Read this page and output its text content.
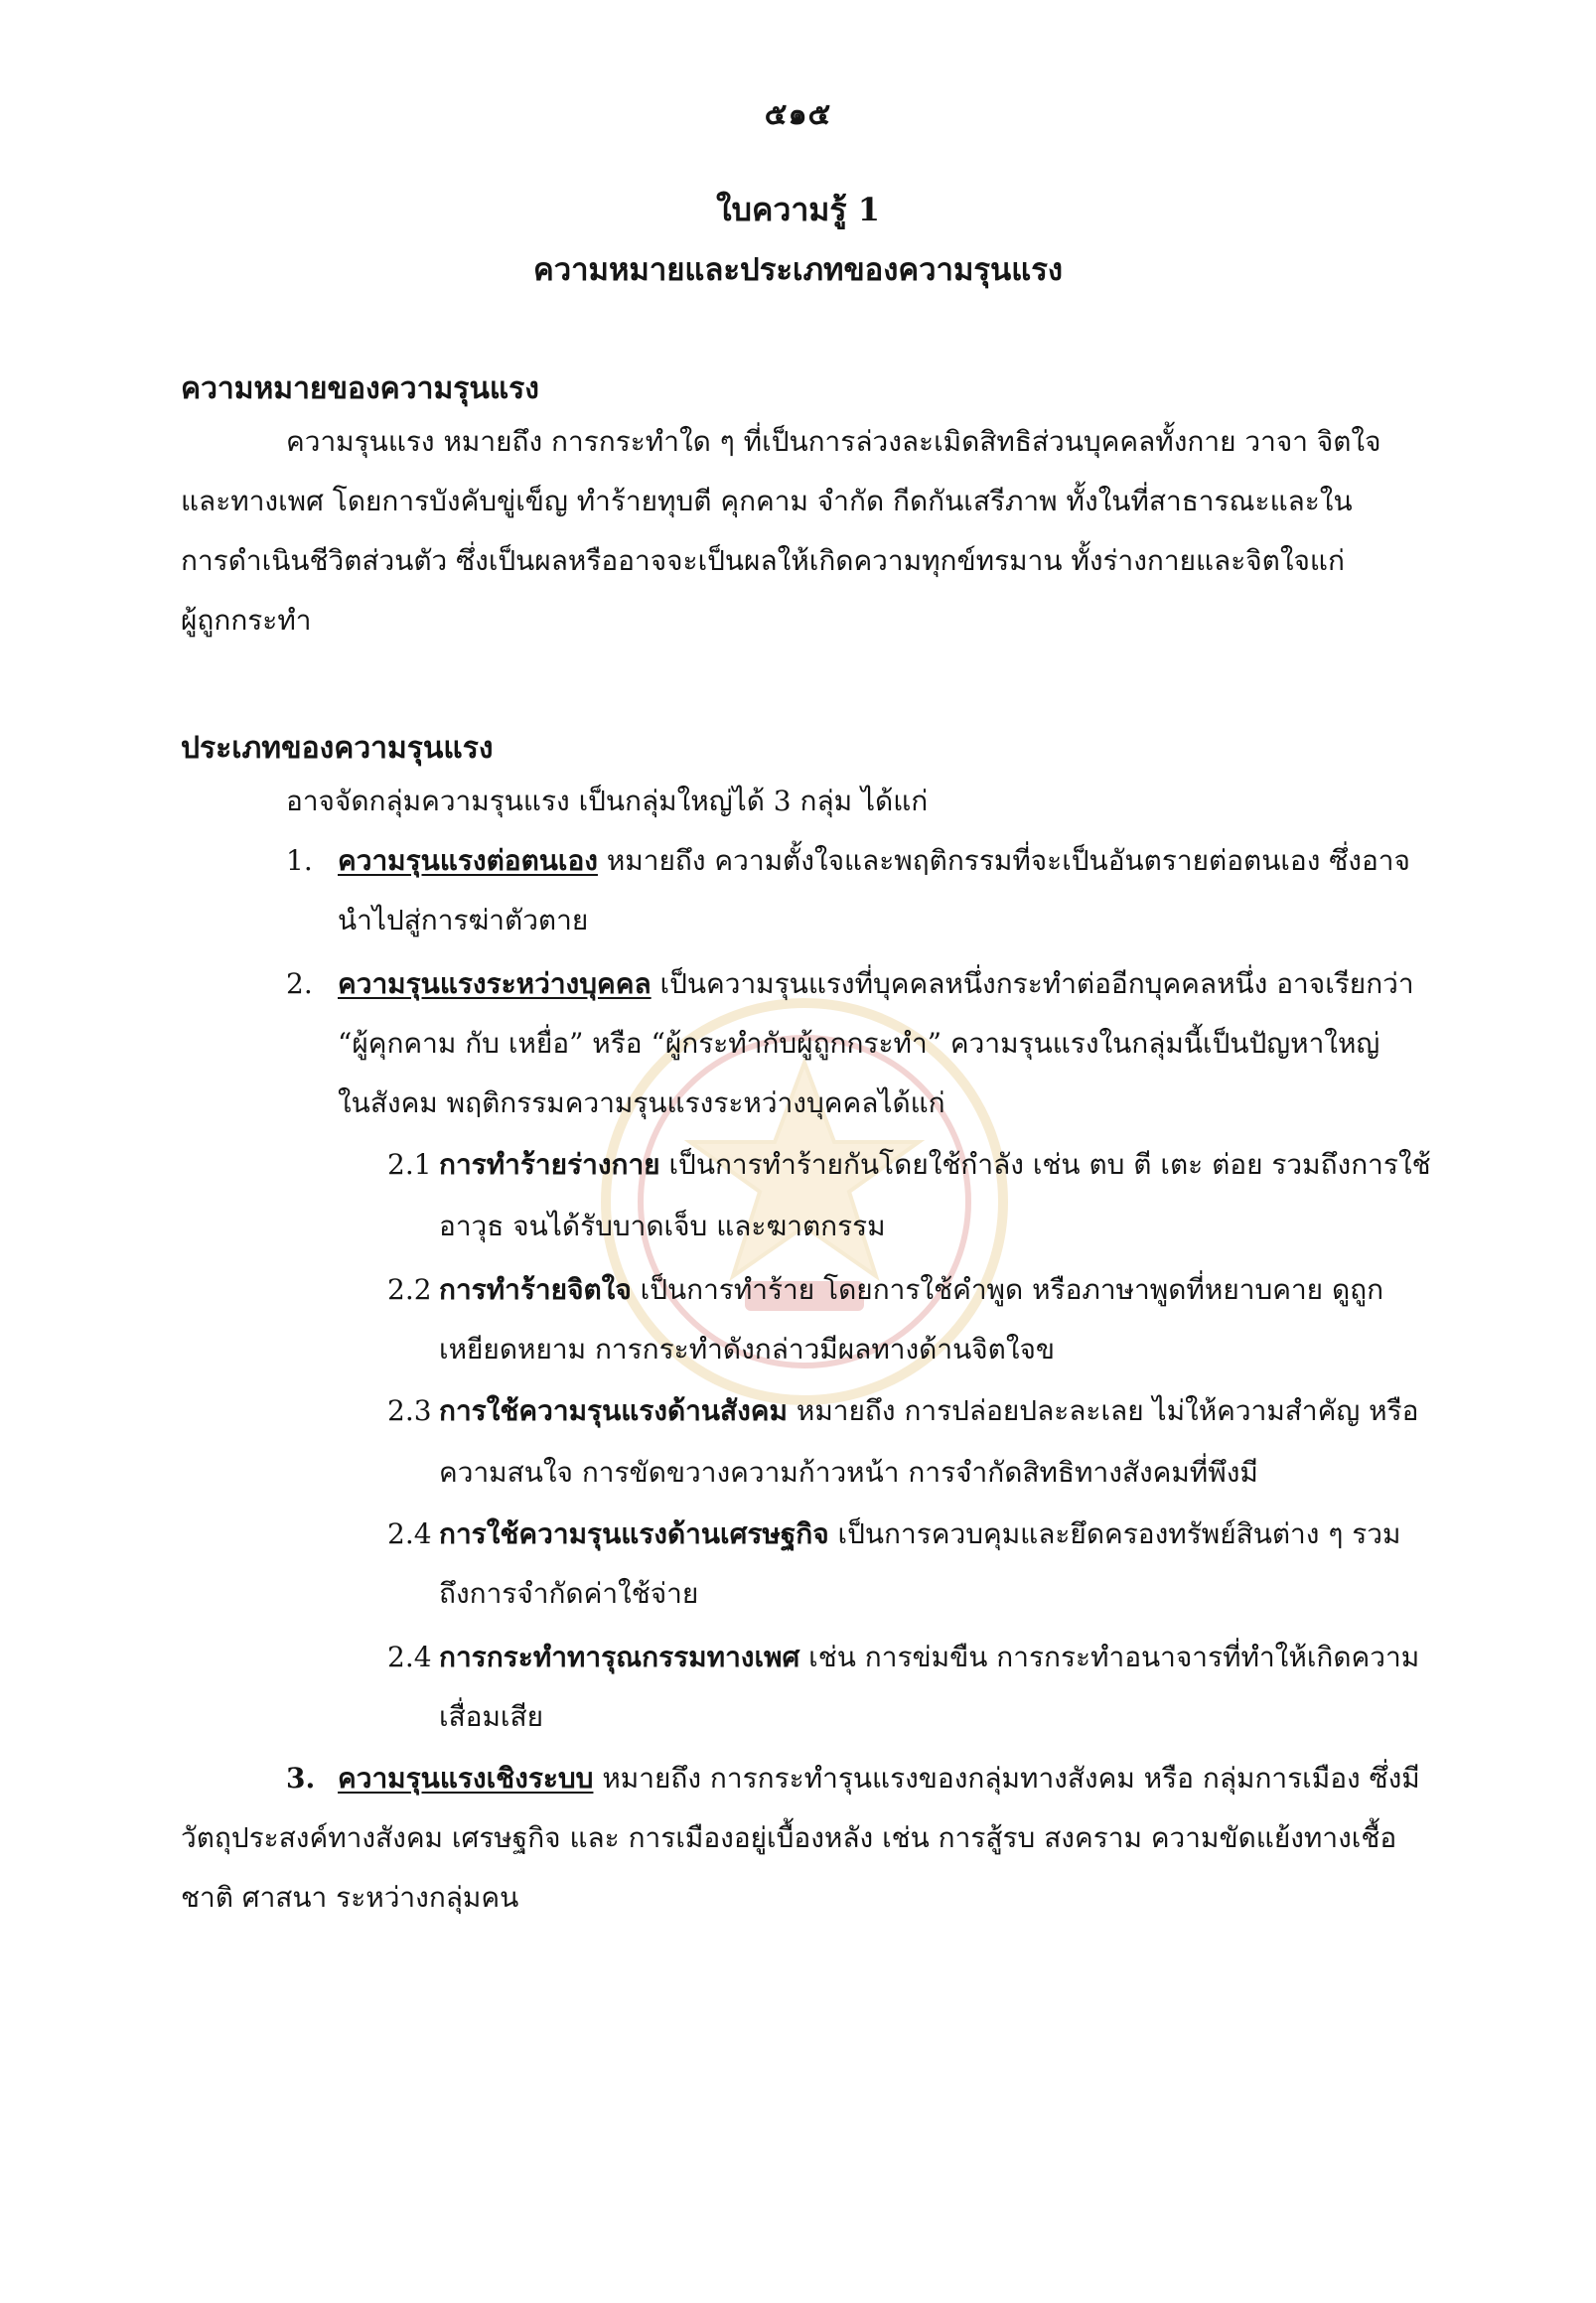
๕๑๕
ใบความรู้ 1
ความหมายและประเภทของความรุนแรง
ความหมายของความรุนแรง
ความรุนแรง หมายถึง การกระทำใด ๆ ที่เป็นการล่วงละเมิดสิทธิส่วนบุคคลทั้งกาย วาจา จิตใจ
และทางเพศ โดยการบังคับขู่เข็ญ ทำร้ายทุบตี คุกคาม จำกัด กีดกันเสรีภาพ ทั้งในที่สาธารณะและใน
การดำเนินชีวิตส่วนตัว ซึ่งเป็นผลหรืออาจจะเป็นผลให้เกิดความทุกข์ทรมาน ทั้งร่างกายและจิตใจแก่
ผู้ถูกกระทำ
ประเภทของความรุนแรง
อาจจัดกลุ่มความรุนแรง เป็นกลุ่มใหญ่ได้ 3 กลุ่ม ได้แก่
1. ความรุนแรงต่อตนเอง หมายถึง ความตั้งใจและพฤติกรรมที่จะเป็นอันตรายต่อตนเอง ซึ่งอาจ
นำไปสู่การฆ่าตัวตาย
2. ความรุนแรงระหว่างบุคคล เป็นความรุนแรงที่บุคคลหนึ่งกระทำต่ออีกบุคคลหนึ่ง อาจเรียกว่า
“ผู้คุกคาม กับ เหยื่อ” หรือ “ผู้กระทำกับผู้ถูกกระทำ” ความรุนแรงในกลุ่มนี้เป็นปัญหาใหญ่
ในสังคม พฤติกรรมความรุนแรงระหว่างบุคคลได้แก่
2.1 การทำร้ายร่างกาย เป็นการทำร้ายกันโดยใช้กำลัง เช่น ตบ ตี เตะ ต่อย รวมถึงการใช้
อาวุธ จนได้รับบาดเจ็บ และฆาตกรรม
2.2 การทำร้ายจิตใจ เป็นการทำร้าย โดยการใช้คำพูด หรือภาษาพูดที่หยาบคาย ดูถูก
เหยียดหยาม การกระทำดังกล่าวมีผลทางด้านจิตใจข
2.3 การใช้ความรุนแรงด้านสังคม หมายถึง การปล่อยปละละเลย ไม่ให้ความสำคัญ หรือ
ความสนใจ การขัดขวางความก้าวหน้า การจำกัดสิทธิทางสังคมที่พึงมี
2.4 การใช้ความรุนแรงด้านเศรษฐกิจ เป็นการควบคุมและยึดครองทรัพย์สินต่าง ๆ รวม
ถึงการจำกัดค่าใช้จ่าย
2.4 การกระทำทารุณกรรมทางเพศ เช่น การข่มขืน การกระทำอนาจารที่ทำให้เกิดความ
เสื่อมเสีย
3. ความรุนแรงเชิงระบบ หมายถึง การกระทำรุนแรงของกลุ่มทางสังคม หรือ กลุ่มการเมือง ซึ่งมี
วัตถุประสงค์ทางสังคม เศรษฐกิจ และ การเมืองอยู่เบื้องหลัง เช่น การสู้รบ สงคราม ความขัดแย้งทางเชื้อ
ชาติ ศาสนา ระหว่างกลุ่มคน
